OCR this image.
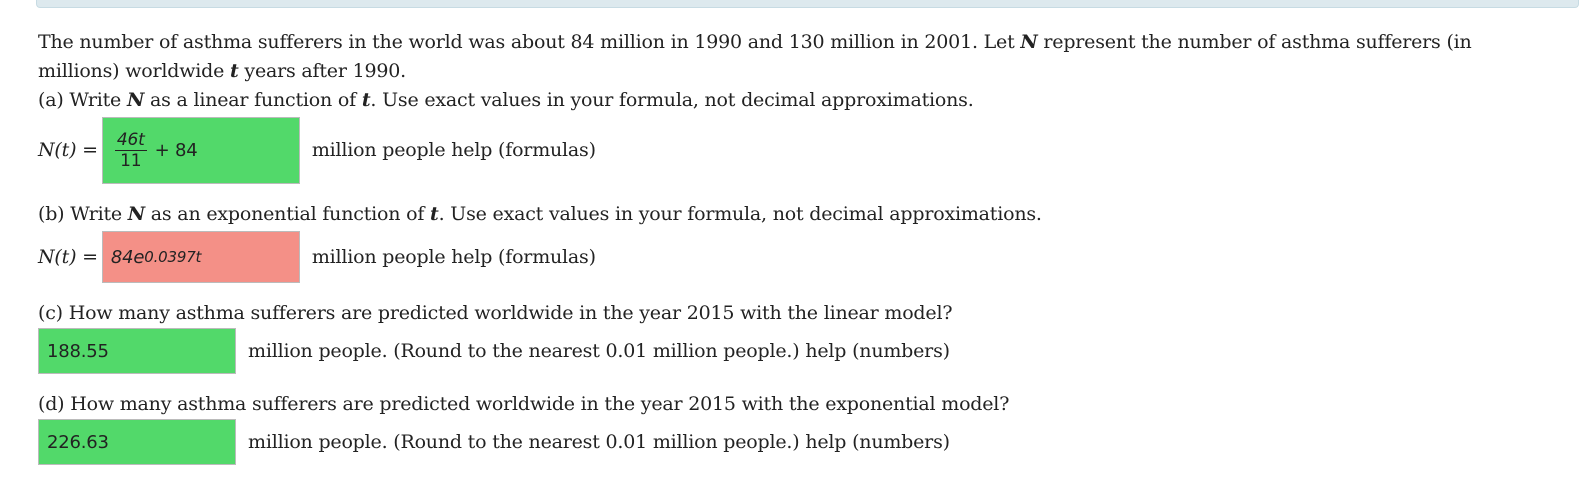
The number of asthma sufferers in the world was about 84 million in 1990 and 130 million in 2001. Let N represent the number of asthma sufferers (in millions) worldwide t years after 1990.

(a) Write N as a linear function of t. Use exact values in your formula, not decimal approximations.

$N(t) = \frac{46t}{11} + 84$	million people help (formulas)

(b) Write N as an exponential function of t. Use exact values in your formula, not decimal approximations.

N(t) = 84e 0.0397t	million people help (formulas)

(c) How many asthma sufferers are predicted worldwide in the year 2015 with the linear model?

188.55	million people. (Round to the nearest 0.01 million people.) help (numbers)

(d) How many asthma sufferers are predicted worldwide in the year 2015 with the exponential model?

226.63	million people. (Round to the nearest 0.01 million people.) help (numbers)
